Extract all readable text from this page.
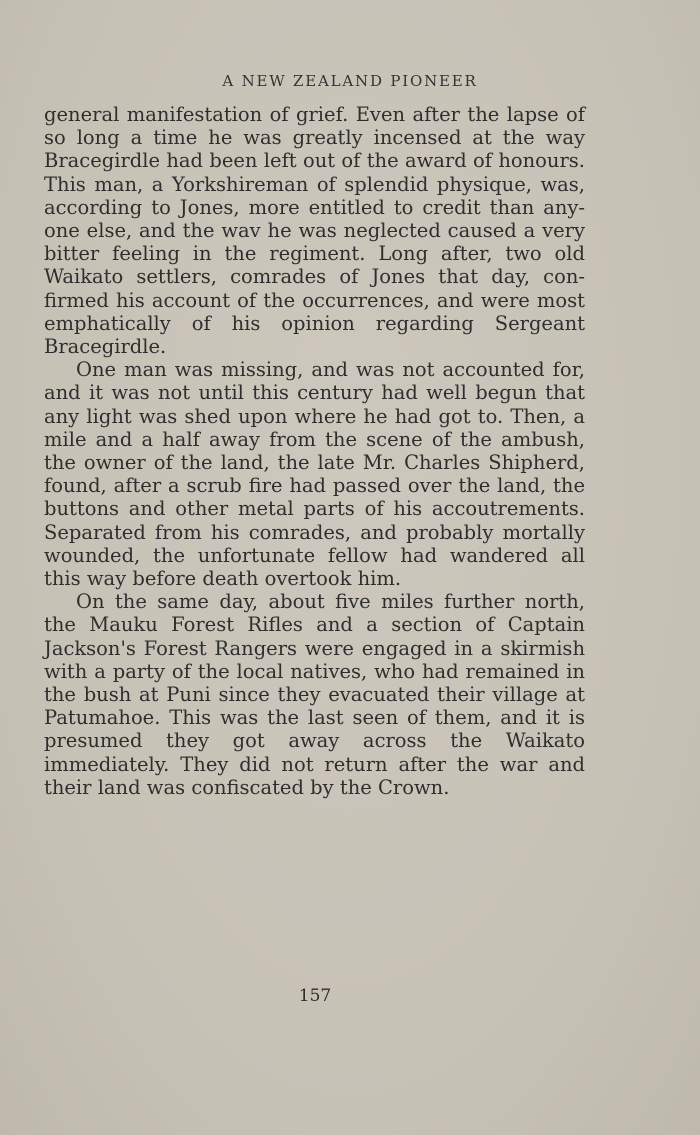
A NEW ZEALAND PIONEER

general manifestation of grief. Even after the lapse of so long a time he was greatly incensed at the way Bracegirdle had been left out of the award of honours. This man, a Yorkshireman of splendid physique, was, according to Jones, more entitled to credit than any-one else, and the wav he was neglected caused a very bitter feeling in the regiment. Long after, two old Waikato settlers, comrades of Jones that day, con-firmed his account of the occurrences, and were most emphatically of his opinion regarding Sergeant Bracegirdle.

One man was missing, and was not accounted for, and it was not until this century had well begun that any light was shed upon where he had got to. Then, a mile and a half away from the scene of the ambush, the owner of the land, the late Mr. Charles Shipherd, found, after a scrub fire had passed over the land, the buttons and other metal parts of his accoutrements. Separated from his comrades, and probably mortally wounded, the unfortunate fellow had wandered all this way before death overtook him.

On the same day, about five miles further north, the Mauku Forest Rifles and a section of Captain Jackson's Forest Rangers were engaged in a skirmish with a party of the local natives, who had remained in the bush at Puni since they evacuated their village at Patumahoe. This was the last seen of them, and it is presumed they got away across the Waikato immediately. They did not return after the war and their land was confiscated by the Crown.

157
